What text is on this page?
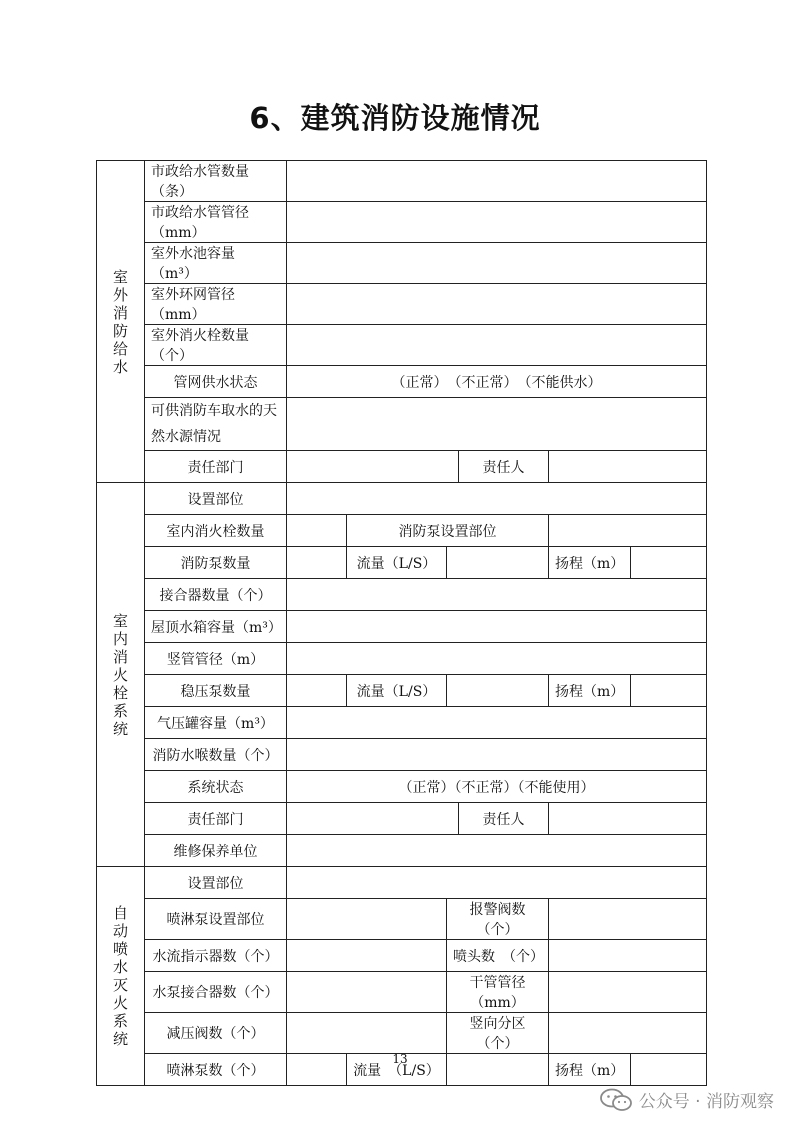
6、建筑消防设施情况
室外消防给水	市政给水管数量（条）						
	市政给水管管径（mm）						
	室外水池容量　（m³）						
	室外环网管径　（mm）						
	室外消火栓数量（个）						
	管网供水状态	（正常）　（不正常）　（不能供水）					
	可供消防车取水的天然水源情况						
	责任部门				责任人		
室内消火栓系统	设置部位						
	室内消火栓数量		消防泵设置部位				
	消防泵数量		流量（L/S）			扬程（m）	
	接合器数量（个）						
	屋顶水箱容量（m³）						
	竖管管径（m）						
	稳压泵数量		流量（L/S）			扬程（m）	
	气压罐容量（m³）						
	消防水喉数量（个）						
	系统状态	（正常）（不正常）（不能使用）					
	责任部门				责任人		
	维修保养单位						
自动喷水灭火系统	设置部位						
	喷淋泵设置部位			报警阀数（个）			
	水流指示器数（个）			喷头数　（个）			
	水泵接合器数（个）			干管管径（mm）			
	减压阀数（个）			竖向分区（个）			
	喷淋泵数（个）		流量　（L/S）			扬程（m）	
13
公众号 · 消防观察
